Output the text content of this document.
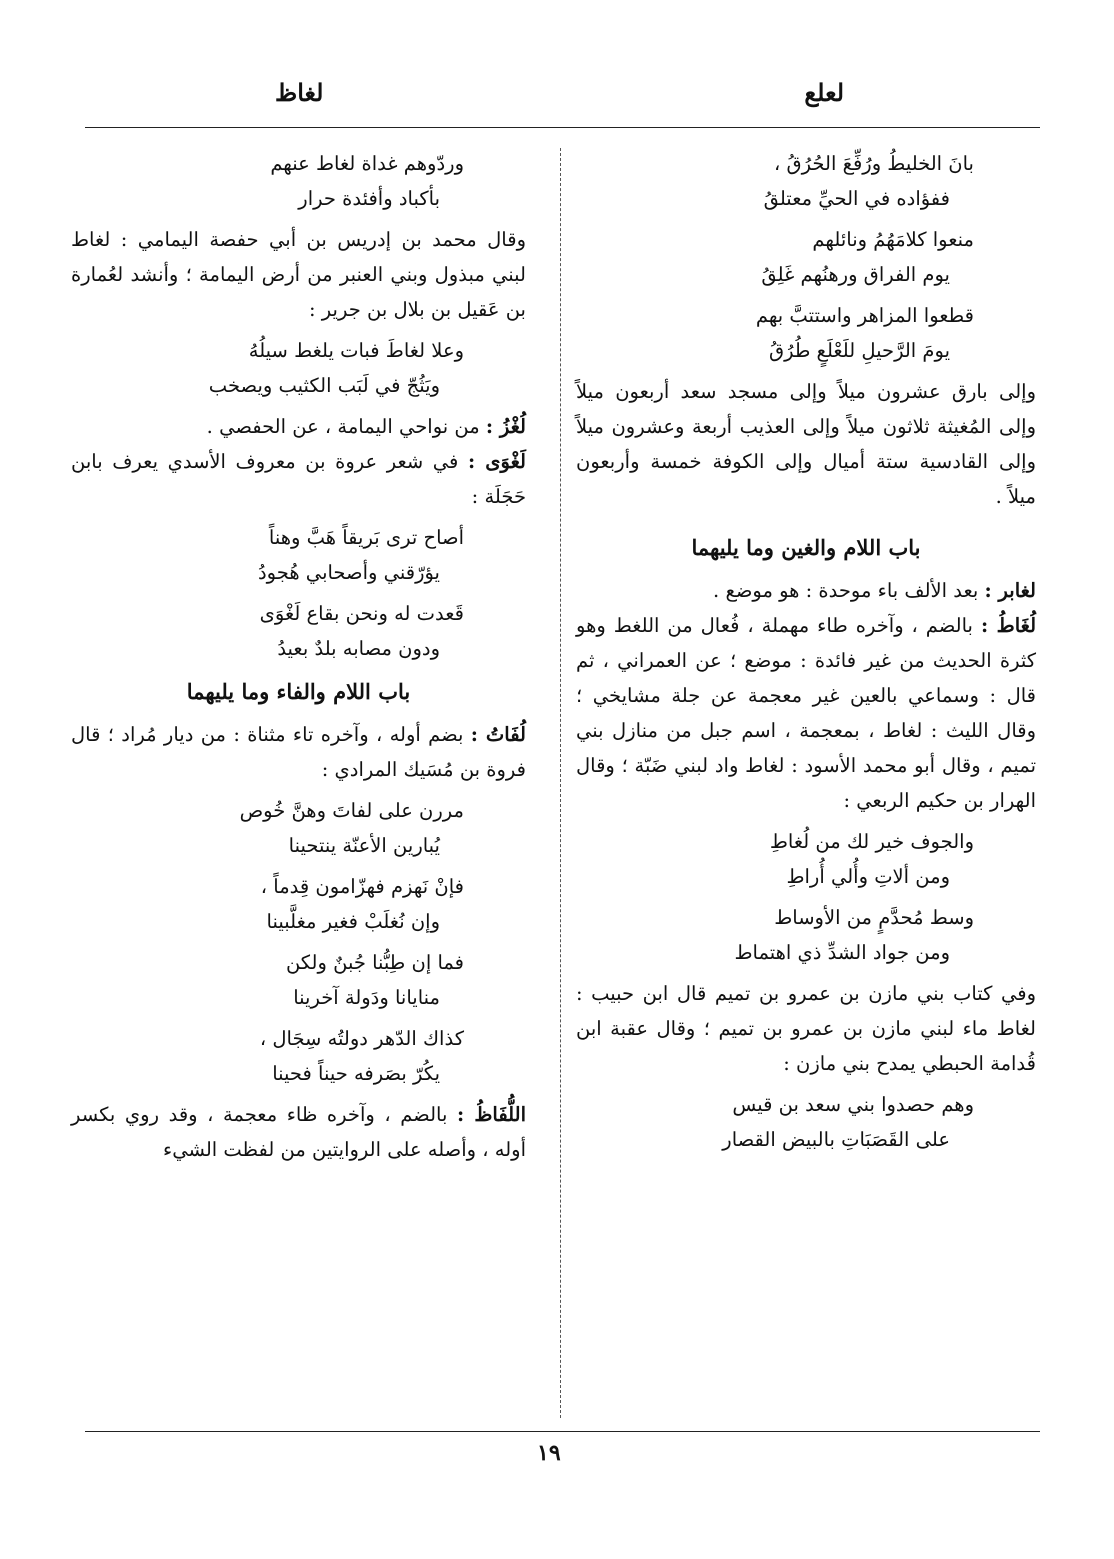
لعلع
لغاظ
بانَ الخليطُ ورُفِّعَ الحُرُقُ ،
ففؤاده في الحيِّ معتلقُ
منعوا كلامَهُمُ ونائلهم
يوم الفراق ورهنُهم غَلِقُ
قطعوا المزاهر واستتبَّ بهم
يومَ الرَّحيلِ للَعْلَعٍ طُرُقُ

وإلى بارق عشرون ميلاً وإلى مسجد سعد أربعون ميلاً وإلى المُغيثة ثلاثون ميلاً وإلى العذيب أربعة وعشرون ميلاً وإلى القادسية ستة أميال وإلى الكوفة خمسة وأربعون ميلاً .

باب اللام والغين وما يليهما

لغابر : بعد الألف باء موحدة : هو موضع .

لُغَاطُ : بالضم ، وآخره طاء مهملة ، فُعال من اللغط وهو كثرة الحديث من غير فائدة : موضع ؛ عن العمراني ، ثم قال : وسماعي بالعين غير معجمة عن جلة مشايخي ؛ وقال الليث : لغاط ، بمعجمة ، اسم جبل من منازل بني تميم ، وقال أبو محمد الأسود : لغاط واد لبني ضَبّة ؛ وقال الهرار بن حكيم الربعي :

والجوف خير لك من لُغاطِ
ومن ألاتِ وأُلي أُراطِ
وسط مُحدَّمٍ من الأوساط
ومن جواد الشدِّ ذي اهتماط

وفي كتاب بني مازن بن عمرو بن تميم قال ابن حبيب : لغاط ماء لبني مازن بن عمرو بن تميم ؛ وقال عقبة ابن قُدامة الحبطي يمدح بني مازن :

وهم حصدوا بني سعد بن قيس
على القَصَبَاتِ بالبيض القصار
وردّوهم غداة لغاط عنهم
بأكباد وأفئدة حرار

وقال محمد بن إدريس بن أبي حفصة اليمامي : لغاط لبني مبذول وبني العنبر من أرض اليمامة ؛ وأنشد لعُمارة بن عَقيل بن بلال بن جرير :

وعلا لغاطَ فبات يلغط سيلُهُ
ويَثُجّ في لَبَب الكثيب ويصخب

لُغْزُ : من نواحي اليمامة ، عن الحفصي .

لَغْوَى : في شعر عروة بن معروف الأسدي يعرف بابن حَجَلَة :

أصاح ترى بَريقاً هَبَّ وهناً
يؤرّقني وأصحابي هُجودُ
قَعدت له ونحن بقاع لَغْوَى
ودون مصابه بلدٌ بعيدُ
باب اللام والفاء وما يليهما

لُفَاتُ : بضم أوله ، وآخره تاء مثناة : من ديار مُراد ؛ قال فروة بن مُسَيك المرادي :

مررن على لفاتَ وهنَّ خُوص
يُبارين الأعنّة ينتحينا
فإنْ نَهزم فهزّامون قِدماً ،
وإن نُغلَبْ فغير مغلَّبينا
فما إن طِبُّنا جُبنٌ ولكن
منايانا ودَولة آخرينا
كذاك الدّهر دولتُه سِجَال ،
يكُرّ بصَرفه حيناً فحينا

اللُّفَاظُ : بالضم ، وآخره ظاء معجمة ، وقد روي بكسر أوله ، وأصله على الروايتين من لفظت الشيء

١٩
